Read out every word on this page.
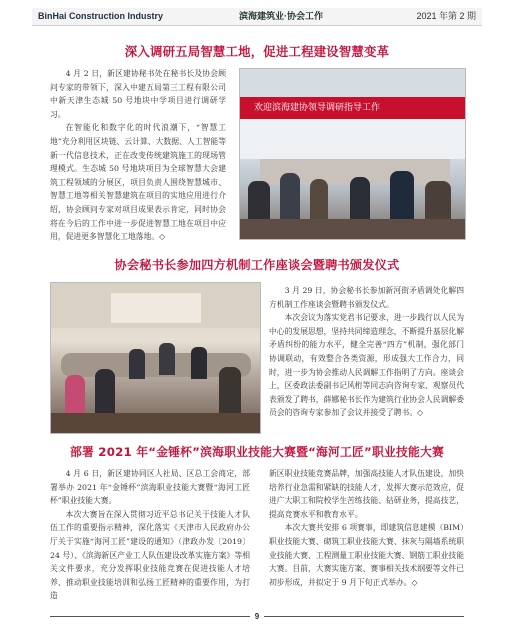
BinHai Construction Industry	滨海建筑业·协会工作	2021 年第 2 期
深入调研五局智慧工地，促进工程建设智慧变革

4 月 2 日，新区建协秘书处在秘书长及协会顾问专家的带领下，深入中建五局第三工程有限公司中新天津生态城 50 号地块中学项目进行调研学习。

在智能化和数字化的时代浪潮下，“智慧工地”充分利用区块链、云计算、大数据、人工智能等新一代信息技术，正在改变传统建筑施工的现场管理模式。生态城 50 号地块项目为全球智慧大会建筑工程领域的分展区，项目负责人围绕智慧城市、智慧工地等相关智慧建筑在项目的实地应用进行介绍，协会顾问专家对项目成果表示肯定，同时协会将在今后的工作中进一步促进智慧工地在项目中应用，促进更多智慧化工地落地。◇

欢迎滨海建协领导调研指导工作
协会秘书长参加四方机制工作座谈会暨聘书颁发仪式

3 月 29 日，协会秘书长参加新河街矛盾调处化解四方机制工作座谈会暨聘书颁发仪式。

本次会议为落实党君书记要求，进一步践行以人民为中心的发展思想，坚持共同缔造理念，不断提升基层化解矛盾纠纷的能力水平，健全完善“四方”机制，强化部门协调联动，有效整合各类资源，形成强大工作合力，同时，进一步为协会推动人民调解工作指明了方向。座谈会上，区委政法委副书记风桁等同志向咨询专家、观察员代表颁发了聘书，薛娜秘书长作为建筑行业协会人民调解委员会的咨询专家参加了会议并接受了聘书。◇

部署 2021 年“金锤杯”滨海职业技能大赛暨“海河工匠”职业技能大赛

4 月 6 日，新区建协同区人社局、区总工会商定，部署举办 2021 年“金锤杯”滨海职业技能大赛暨“海河工匠杯”职业技能大赛。

本次大赛旨在深入贯彻习近平总书记关于技能人才队伍工作的重要指示精神，深化落实《天津市人民政府办公厅关于实施“海河工匠”建设的通知》（津政办发〔2019〕24 号）、《滨海新区产业工人队伍建设改革实施方案》等相关文件要求，充分发挥职业技能竞赛在促进技能人才培养、推动职业技能培训和弘扬工匠精神的重要作用，为打造

新区职业技能竞赛品牌，加强高技能人才队伍建设，加快培养行业急需和紧缺的技能人才，发挥大赛示范效应，促进广大职工和院校学生苦练技能、钻研业务，提高技艺，提高竞赛水平和教育水平。

本次大赛共安排 6 项赛事，即建筑信息建模（BIM）职业技能大赛、砌筑工职业技能大赛、抹灰与隔墙系统职业技能大赛、工程测量工职业技能大赛、钢筋工职业技能大赛。目前，大赛实施方案、赛事相关技术纲要等文件已初步形成，并拟定于 9 月下旬正式举办。◇

9
